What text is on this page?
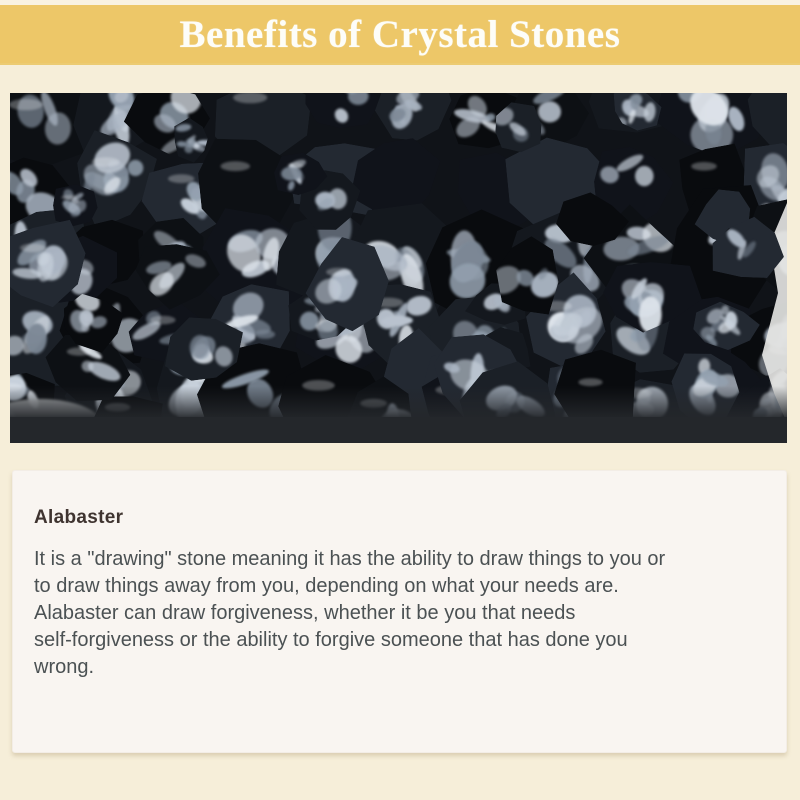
Benefits of Crystal Stones
Alabaster
It is a "drawing" stone meaning it has the ability to draw things to you or
to draw things away from you, depending on what your needs are.
Alabaster can draw forgiveness, whether it be you that needs
self-forgiveness or the ability to forgive someone that has done you
wrong.
